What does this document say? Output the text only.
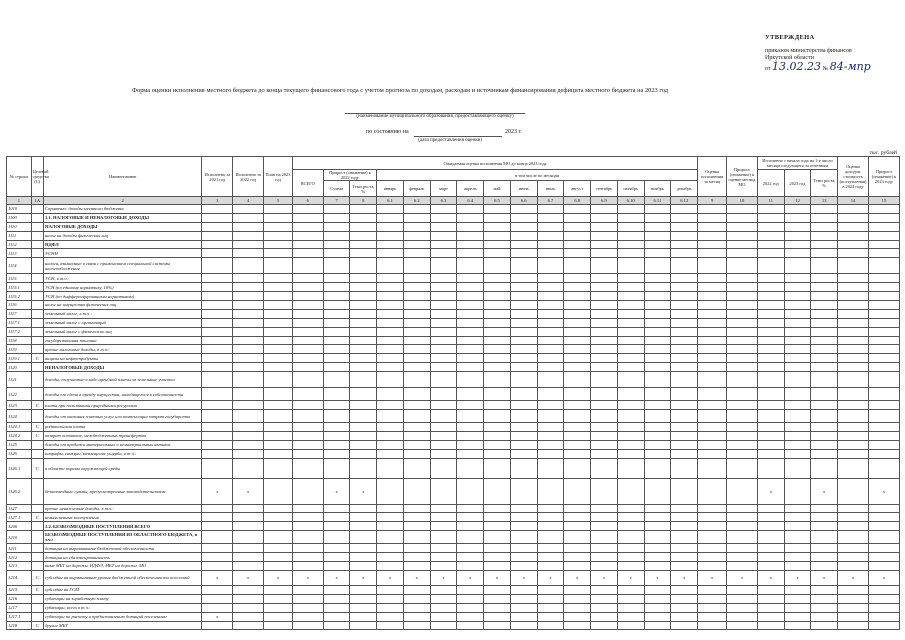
УТВЕРЖДЕНА
приказом министерства финансов
Иркутской области
от 13.02.23 № 84-мпр
Форма оценки исполнения местного бюджета до конца текущего финансового года с учетом прогноза по доходам, расходам и источникам финансирования дефицита местного бюджета на 2023 год
(наименование муниципального образования, предоставляющего оценку)
по состоянию на	2023 г.
(дата предоставления оценки)
тыс. рублей
№ строки	Целевой средства (С)	Наименование	Исполнено за 2021 год	Исполнено за 2022 год	План на 2023 год	Ожидаемая оценка исполнения МО до конца 2023 года															Оценка исполнения за месяц	Прирост (снижение) к оценке месяца МО	Исполнено с начала года на 1-е число месяца следующего за отчетным			Оценка доходов, стоимость (поступления) в 2024 году	Прирост (снижение) к 2023 году
						ВСЕГО	Прирост (снижение) к 2022 году		в том числе по месяцам														2022 год	2023 год	Темп роста, %		
							Сумма	Темп роста, %	январь	февраль	март	апрель	май	июнь	июль	август	сентябрь	октябрь	ноябрь	декабрь							
1	1А	2	3	4	5	6	7	8	6.1	6.2	6.3	6.4	6.5	6.6	6.7	6.8	6.9	6.10	6.11	6.12	9	10	11	12	13	14	15
1010		Справочно: доходы местного бюджета																									
1100		1.1. НАЛОГОВЫЕ И НЕНАЛОГОВЫЕ ДОХОДЫ																									
1110		НАЛОГОВЫЕ ДОХОДЫ																									
1111		налог на доходы физических лиц																									
1112		НДФЛ																									
1113		УСНН																									
1114		налоги, взимаемые в связи с применением специальной системы налогообложения																									
1115		УСН, в т.ч.:																									
1115.1		УСН (по единому нормативу, 10%)																									
1115.2		УСН (по дифференцированным нормативам)																									
1116		налог на имущество физических лиц																									
1117		земельный налог, в т.ч.:																									
1117.1		земельный налог с организаций																									
1117.2		земельный налог с физических лиц																									
1118		государственная пошлина																									
1119		прочие налоговые доходы, в т.ч.:																									
1119.1	С	акцизы на нефтепродукты																									
1120		НЕНАЛОГОВЫЕ ДОХОДЫ																									
1121		доходы, получаемые в виде арендной платы за земельные участки																									
1122		доходы от сдачи в аренду имущества, находящегося в собственности																									
1123	С	плата при пользовании природными ресурсами																									
1124		доходы от оказания платных услуг или компенсации затрат государства																									
1124.1	С	родительская плата																									
1124.2	С	возврат остатков, межбюджетных трансфертов																									
1125		доходы от продажи материальных и нематериальных активов																									
1126		штрафы, санкции, возмещение ущерба, в т.ч.:																									
1126.1	С	в области охраны окружающей среды																									
1126.2		безвозмездные суммы, предусмотренные законодательством	х	х			х	х															х		х		х
1127		прочие неналоговые доходы, в т.ч.:																									
1127.1	С	невыясненные поступления																									
1200		1.2. БЕЗВОЗМЕЗДНЫЕ ПОСТУПЛЕНИЯ ВСЕГО																									
1210		БЕЗВОЗМЕЗДНЫЕ ПОСТУПЛЕНИЯ ИЗ ОБЛАСТНОГО БЮДЖЕТА, в т.ч.:																									
1211		дотация на выравнивание бюджетной обеспеченности																									
1212		дотация на сбалансированность																									
1213		иные МБТ на дорожн. НДФЛ, МБТ на дорожн. МО																									
1214	С	субсидии на выравнивание уровня бюджетной обеспеченности поселений	х	х	х	х	х	х	х	х	х	х	х	х	х	х	х	х	х	х	х	х	х	х	х	х	х
1215	С	субсидии на ГСМ																									
1216		субвенции на заработную плату																									
1217		субвенции, всего в т.ч.:																									
1217.1		субвенции по расчету и предоставлению дотаций поселениям	х																								
1218	С	другие МБТ																									
